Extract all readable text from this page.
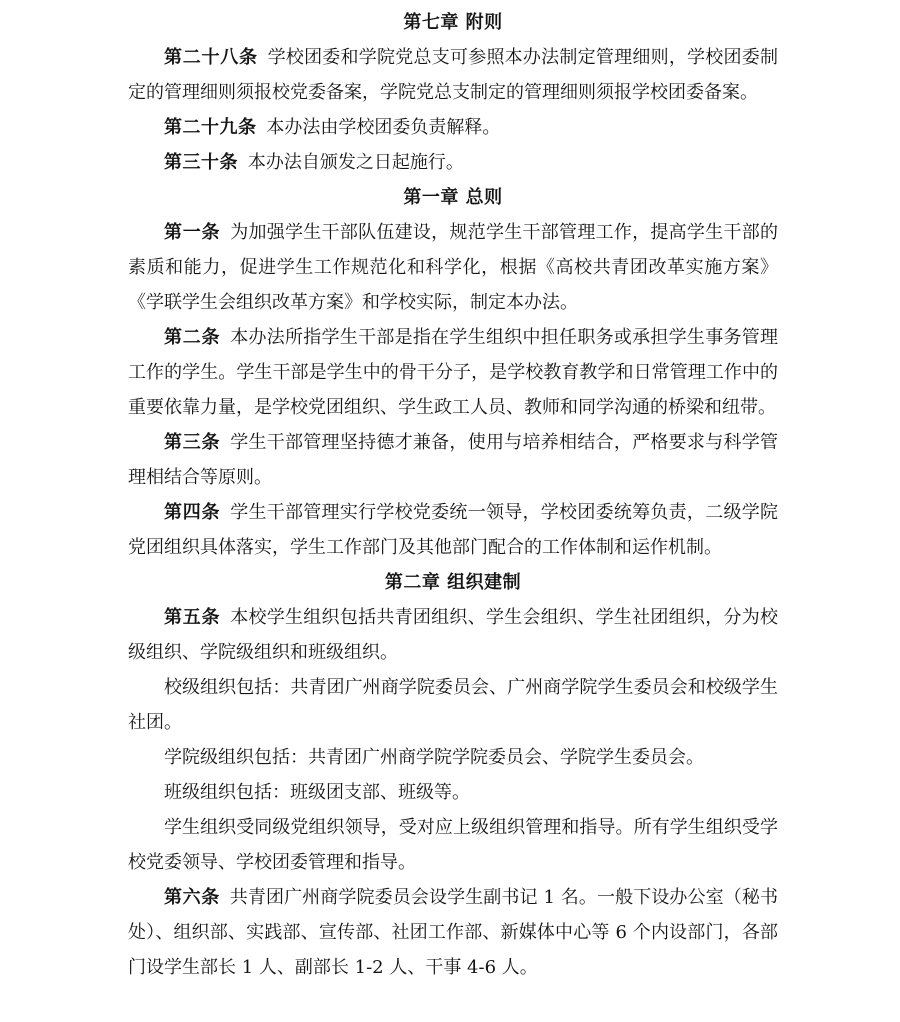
第七章 附则

第二十八条 学校团委和学院党总支可参照本办法制定管理细则，学校团委制定的管理细则须报校党委备案，学院党总支制定的管理细则须报学校团委备案。

第二十九条 本办法由学校团委负责解释。

第三十条 本办法自颁发之日起施行。

第一章 总则

第一条 为加强学生干部队伍建设，规范学生干部管理工作，提高学生干部的素质和能力，促进学生工作规范化和科学化，根据《高校共青团改革实施方案》《学联学生会组织改革方案》和学校实际，制定本办法。

第二条 本办法所指学生干部是指在学生组织中担任职务或承担学生事务管理工作的学生。学生干部是学生中的骨干分子，是学校教育教学和日常管理工作中的重要依靠力量，是学校党团组织、学生政工人员、教师和同学沟通的桥梁和纽带。

第三条 学生干部管理坚持德才兼备，使用与培养相结合，严格要求与科学管理相结合等原则。

第四条 学生干部管理实行学校党委统一领导，学校团委统筹负责，二级学院党团组织具体落实，学生工作部门及其他部门配合的工作体制和运作机制。

第二章 组织建制

第五条 本校学生组织包括共青团组织、学生会组织、学生社团组织，分为校级组织、学院级组织和班级组织。

校级组织包括：共青团广州商学院委员会、广州商学院学生委员会和校级学生社团。

学院级组织包括：共青团广州商学院学院委员会、学院学生委员会。

班级组织包括：班级团支部、班级等。

学生组织受同级党组织领导，受对应上级组织管理和指导。所有学生组织受学校党委领导、学校团委管理和指导。

第六条 共青团广州商学院委员会设学生副书记 1 名。一般下设办公室（秘书处）、组织部、实践部、宣传部、社团工作部、新媒体中心等 6 个内设部门，各部门设学生部长 1 人、副部长 1-2 人、干事 4-6 人。
